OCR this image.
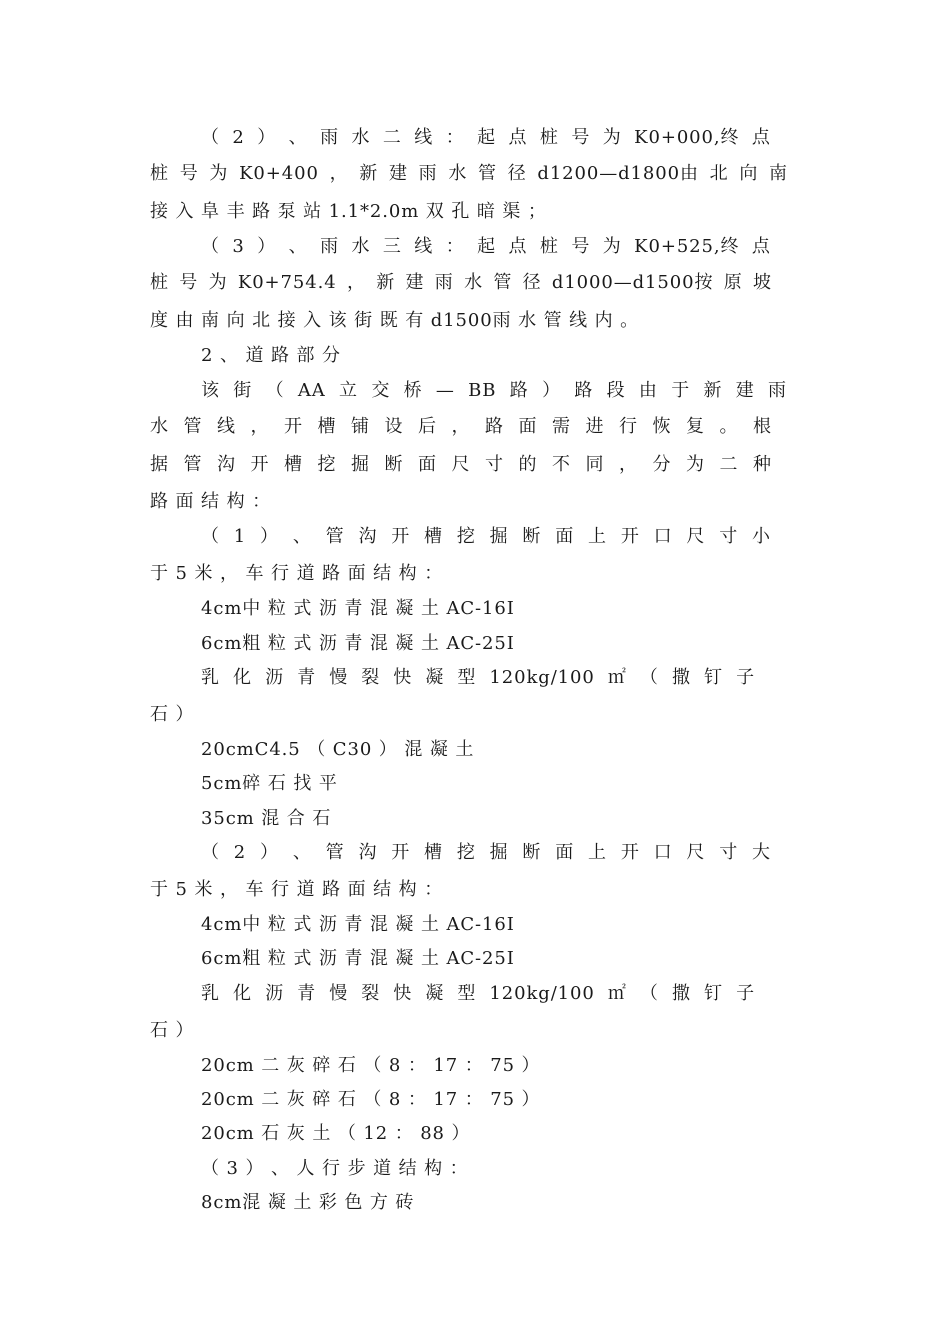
（ 2 ） 、 雨 水 二 线 ： 起 点 桩 号 为 K0+000,终 点
桩 号 为 K0+400 ， 新 建 雨 水 管 径 d1200—d1800由 北 向 南
接 入 阜 丰 路 泵 站 1.1*2.0m 双 孔 暗 渠 ；
（ 3 ） 、 雨 水 三 线 ： 起 点 桩 号 为 K0+525,终 点
桩 号 为 K0+754.4 ， 新 建 雨 水 管 径 d1000—d1500按 原 坡
度 由 南 向 北 接 入 该 街 既 有 d1500雨 水 管 线 内 。
2 、 道 路 部 分
该 街 （ AA 立 交 桥 — BB 路 ） 路 段 由 于 新 建 雨
水 管 线 ， 开 槽 铺 设 后 ， 路 面 需 进 行 恢 复 。 根
据 管 沟 开 槽 挖 掘 断 面 尺 寸 的 不 同 ， 分 为 二 种
路 面 结 构 ：
（ 1 ） 、 管 沟 开 槽 挖 掘 断 面 上 开 口 尺 寸 小
于 5 米 ， 车 行 道 路 面 结 构 ：
4cm中 粒 式 沥 青 混 凝 土 AC-16I
6cm粗 粒 式 沥 青 混 凝 土 AC-25I
乳 化 沥 青 慢 裂 快 凝 型 120kg/100 ㎡ （ 撒 钉 子
石 ）
20cmC4.5 （ C30 ） 混 凝 土
5cm碎 石 找 平
35cm 混 合 石
（ 2 ） 、 管 沟 开 槽 挖 掘 断 面 上 开 口 尺 寸 大
于 5 米 ， 车 行 道 路 面 结 构 ：
4cm中 粒 式 沥 青 混 凝 土 AC-16I
6cm粗 粒 式 沥 青 混 凝 土 AC-25I
乳 化 沥 青 慢 裂 快 凝 型 120kg/100 ㎡ （ 撒 钉 子
石 ）
20cm 二 灰 碎 石 （ 8 ： 17 ： 75 ）
20cm 二 灰 碎 石 （ 8 ： 17 ： 75 ）
20cm 石 灰 土 （ 12 ： 88 ）
（ 3 ） 、 人 行 步 道 结 构 ：
8cm混 凝 土 彩 色 方 砖
